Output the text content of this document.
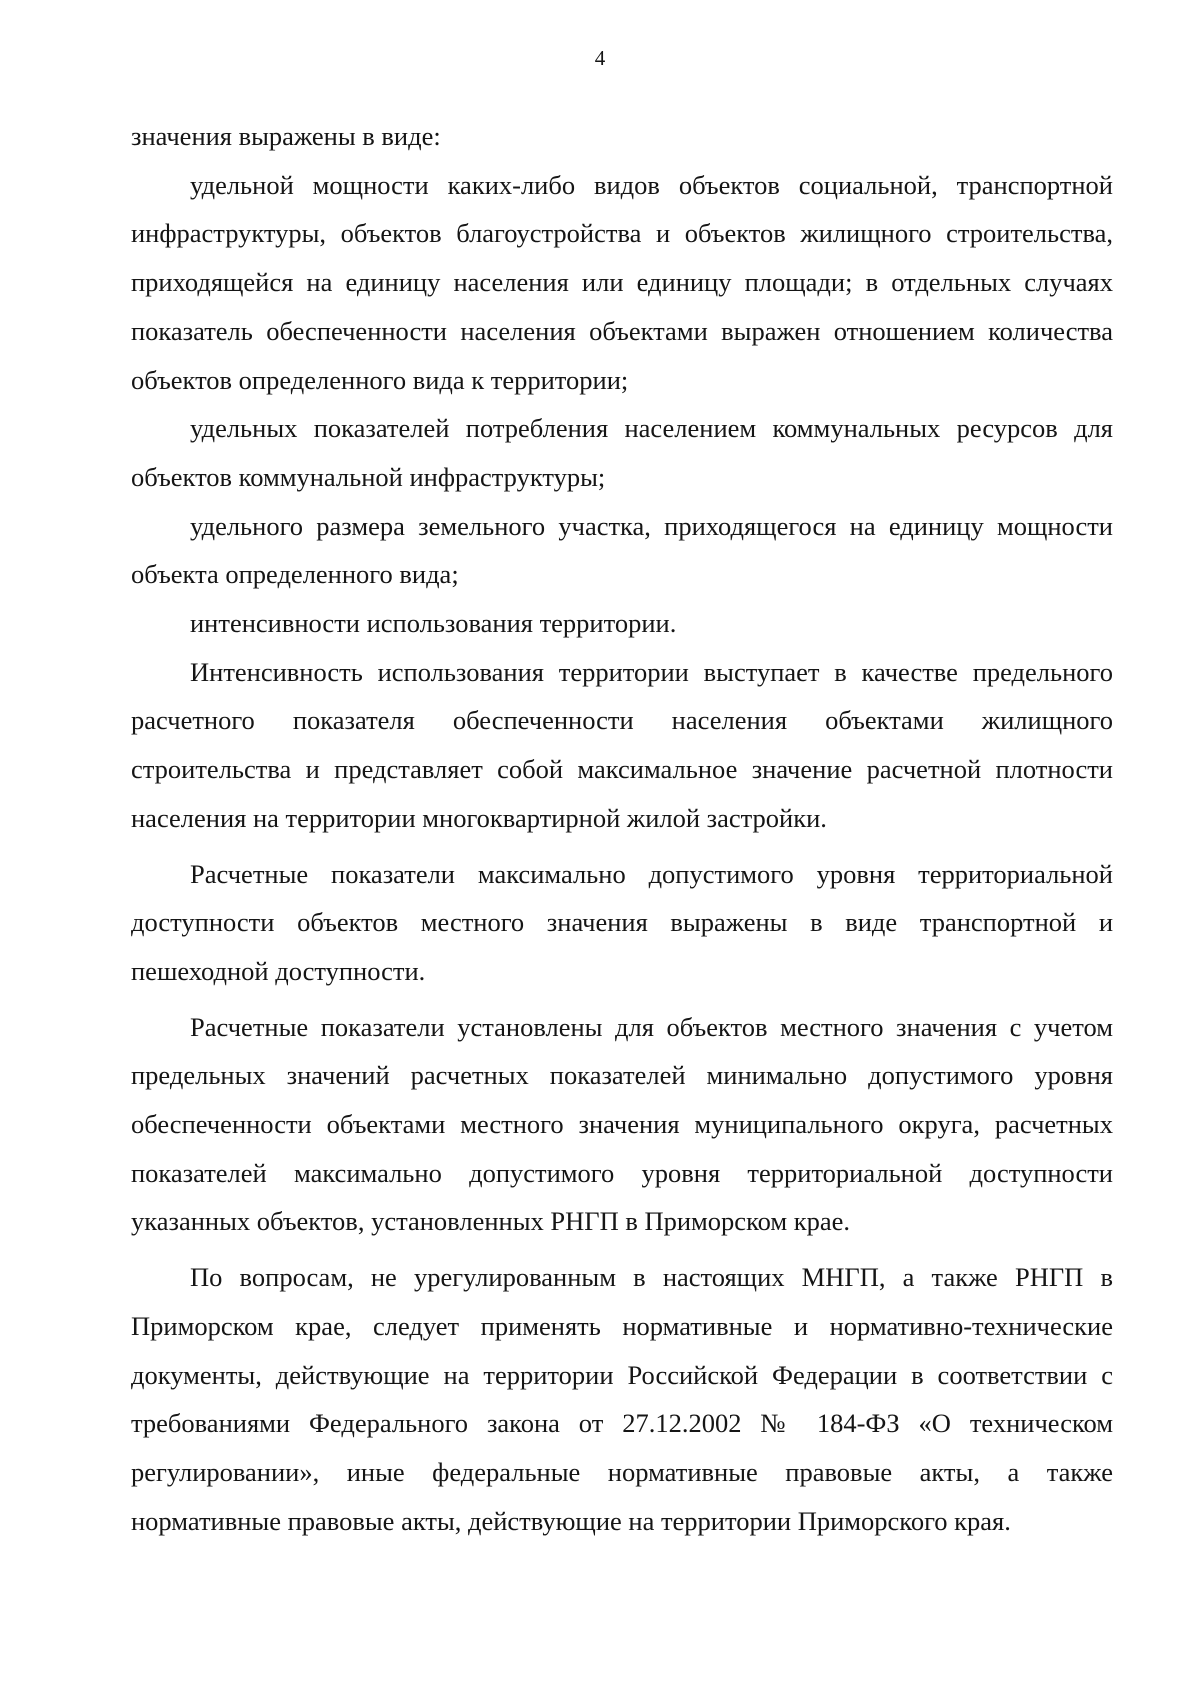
4

значения выражены в виде:

удельной мощности каких-либо видов объектов социальной, транспортной инфраструктуры, объектов благоустройства и объектов жилищного строительства, приходящейся на единицу населения или единицу площади; в отдельных случаях показатель обеспеченности населения объектами выражен отношением количества объектов определенного вида к территории;

удельных показателей потребления населением коммунальных ресурсов для объектов коммунальной инфраструктуры;

удельного размера земельного участка, приходящегося на единицу мощности объекта определенного вида;

интенсивности использования территории.

Интенсивность использования территории выступает в качестве предельного расчетного показателя обеспеченности населения объектами жилищного строительства и представляет собой максимальное значение расчетной плотности населения на территории многоквартирной жилой застройки.

Расчетные показатели максимально допустимого уровня территориальной доступности объектов местного значения выражены в виде транспортной и пешеходной доступности.

Расчетные показатели установлены для объектов местного значения с учетом предельных значений расчетных показателей минимально допустимого уровня обеспеченности объектами местного значения муниципального округа, расчетных показателей максимально допустимого уровня территориальной доступности указанных объектов, установленных РНГП в Приморском крае.

По вопросам, не урегулированным в настоящих МНГП, а также РНГП в Приморском крае, следует применять нормативные и нормативно-технические документы, действующие на территории Российской Федерации в соответствии с требованиями Федерального закона от 27.12.2002 № 184-ФЗ «О техническом регулировании», иные федеральные нормативные правовые акты, а также нормативные правовые акты, действующие на территории Приморского края.
